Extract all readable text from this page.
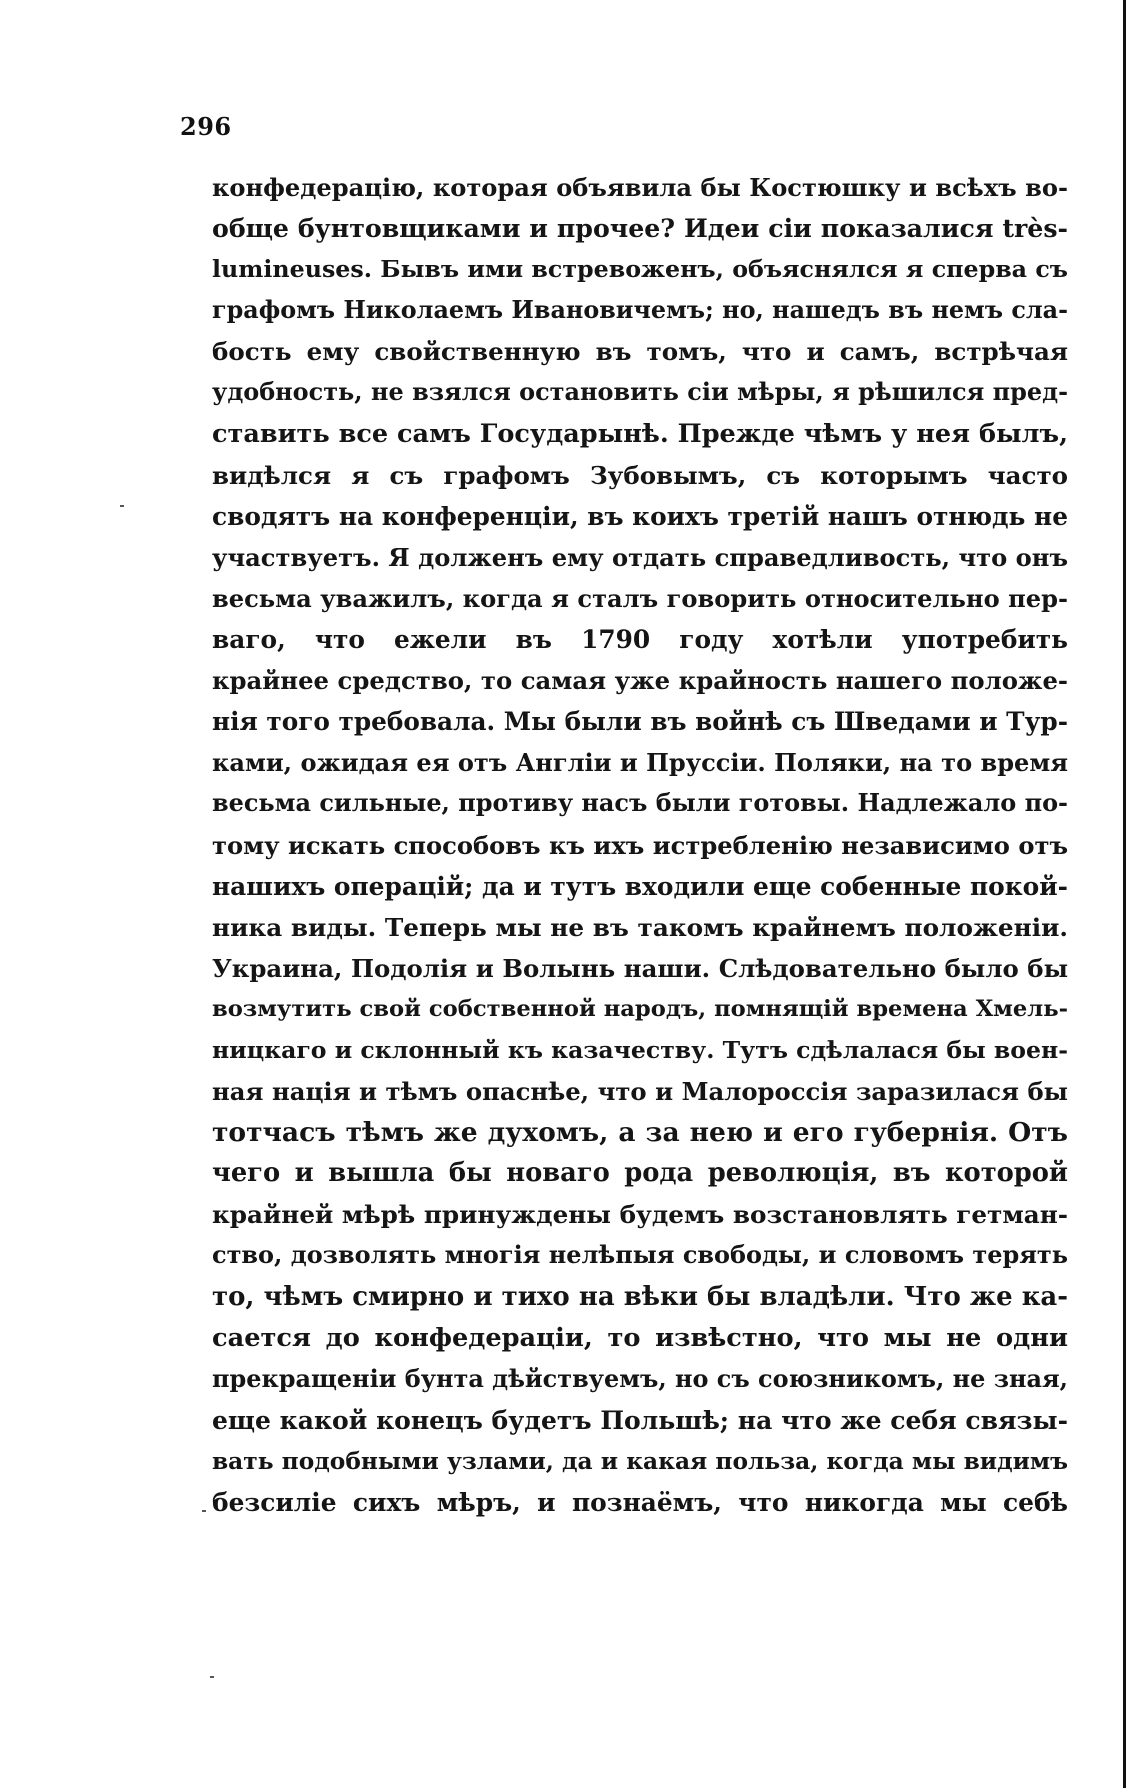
296
конфедерацію, которая объявила бы Костюшку и всѣхъ во-
обще бунтовщиками и прочее? Идеи сіи показалися très-
lumineuses. Бывъ ими встревоженъ, объяснялся я сперва съ
графомъ Николаемъ Ивановичемъ; но, нашедъ въ немъ сла-
бость ему свойственную въ томъ, что и самъ, встрѣчая
удобность, не взялся остановить сіи мѣры, я рѣшился пред-
ставить все самъ Государынѣ. Прежде чѣмъ у нея былъ,
видѣлся я съ графомъ Зубовымъ, съ которымъ часто
сводятъ на конференціи, въ коихъ третій нашъ отнюдь не
участвуетъ. Я долженъ ему отдать справедливость, что онъ
весьма уважилъ, когда я сталъ говорить относительно пер-
ваго, что ежели въ 1790 году хотѣли употребить
крайнее средство, то самая уже крайность нашего положе-
нія того требовала. Мы были въ войнѣ съ Шведами и Тур-
ками, ожидая ея отъ Англіи и Пруссіи. Поляки, на то время
весьма сильные, противу насъ были готовы. Надлежало по-
тому искать способовъ къ ихъ истребленію независимо отъ
нашихъ операцій; да и тутъ входили еще собенные покой-
ника виды. Теперь мы не въ такомъ крайнемъ положеніи.
Украина, Подолія и Волынь наши. Слѣдовательно было бы
возмутить свой собственной народъ, помнящій времена Хмель-
ницкаго и склонный къ казачеству. Тутъ сдѣлалася бы воен-
ная нація и тѣмъ опаснѣе, что и Малороссія заразилася бы
тотчасъ тѣмъ же духомъ, а за нею и его губернія. Отъ
чего и вышла бы новаго рода революція, въ которой
крайней мѣрѣ принуждены будемъ возстановлять гетман-
ство, дозволять многія нелѣпыя свободы, и словомъ терять
то, чѣмъ смирно и тихо на вѣки бы владѣли. Что же ка-
сается до конфедераціи, то извѣстно, что мы не одни
прекращеніи бунта дѣйствуемъ, но съ союзникомъ, не зная,
еще какой конецъ будетъ Польшѣ; на что же себя связы-
вать подобными узлами, да и какая польза, когда мы видимъ
безсиліе сихъ мѣръ, и познаёмъ, что никогда мы себѣ
